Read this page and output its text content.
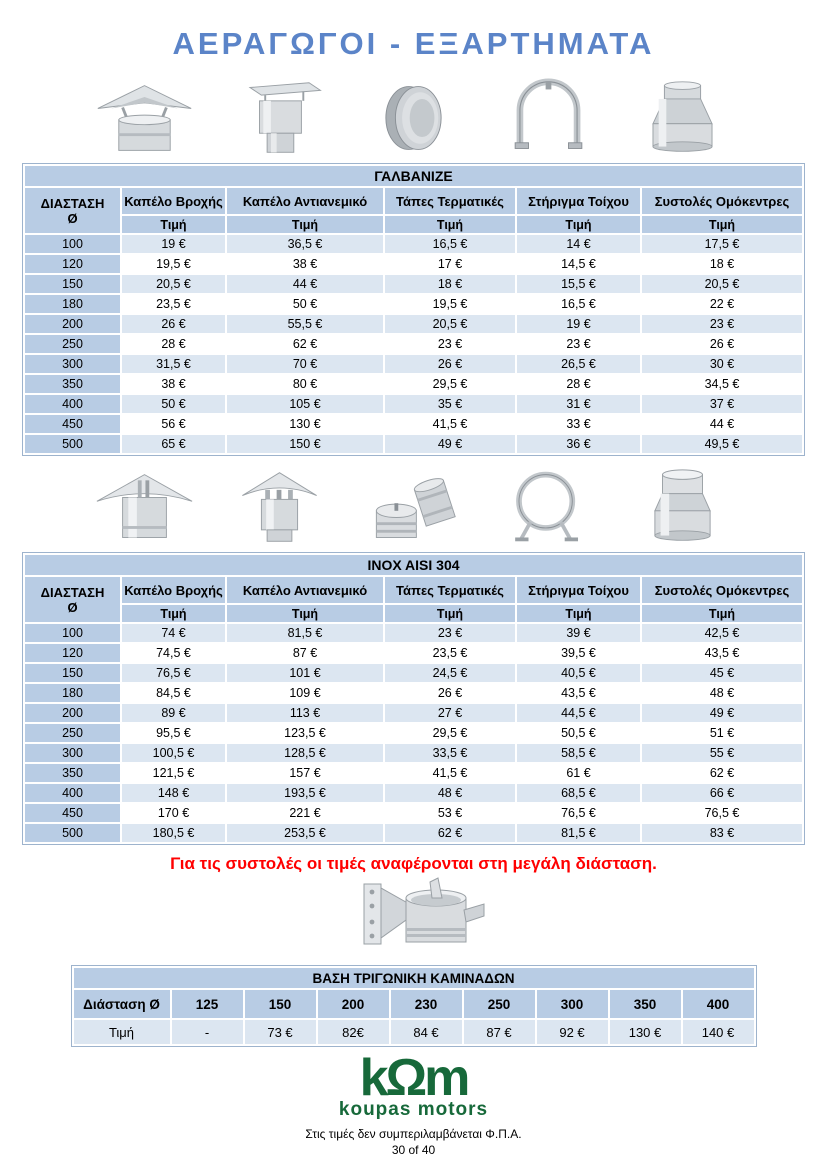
ΑΕΡΑΓΩΓΟΙ - ΕΞΑΡΤΗΜΑΤΑ
ΓΑΛΒΑΝΙΖΕ					

ΔΙΑΣΤΑΣΗ
Ø	Καπέλο Βροχής	Καπέλο Αντιανεμικό	Τάπες Τερματικές	Στήριγμα Τοίχου	Συστολές Ομόκεντρες
	Τιμή	Τιμή	Τιμή	Τιμή	Τιμή
100	19 €	36,5 €	16,5 €	14 €	17,5 €
120	19,5 €	38 €	17 €	14,5 €	18 €
150	20,5 €	44 €	18 €	15,5 €	20,5 €
180	23,5 €	50 €	19,5 €	16,5 €	22 €
200	26 €	55,5 €	20,5 €	19 €	23 €
250	28 €	62 €	23 €	23 €	26 €
300	31,5 €	70 €	26 €	26,5 €	30 €
350	38 €	80 €	29,5 €	28 €	34,5 €
400	50 €	105 €	35 €	31 €	37 €
450	56 €	130 €	41,5 €	33 €	44 €
500	65 €	150 €	49 €	36 €	49,5 €
INOX AISI 304					

ΔΙΑΣΤΑΣΗ
Ø	Καπέλο Βροχής	Καπέλο Αντιανεμικό	Τάπες Τερματικές	Στήριγμα Τοίχου	Συστολές Ομόκεντρες
	Τιμή	Τιμή	Τιμή	Τιμή	Τιμή
100	74 €	81,5 €	23 €	39 €	42,5 €
120	74,5 €	87 €	23,5 €	39,5 €	43,5 €
150	76,5 €	101 €	24,5 €	40,5 €	45 €
180	84,5 €	109 €	26 €	43,5 €	48 €
200	89 €	113 €	27 €	44,5 €	49 €
250	95,5 €	123,5 €	29,5 €	50,5 €	51 €
300	100,5 €	128,5 €	33,5 €	58,5 €	55 €
350	121,5 €	157 €	41,5 €	61 €	62 €
400	148 €	193,5 €	48 €	68,5 €	66 €
450	170 €	221 €	53 €	76,5 €	76,5 €
500	180,5 €	253,5 €	62 €	81,5 €	83 €
Για τις συστολές οι τιμές αναφέρονται στη μεγάλη διάσταση.
ΒΑΣΗ ΤΡΙΓΩΝΙΚΗ ΚΑΜΙΝΑΔΩΝ								
Διάσταση Ø	125	150	200	230	250	300	350	400
Τιμή	-	73 €	82€	84 €	87 €	92 €	130 €	140 €
kΩm
koupas motors
Στις τιμές δεν συμπεριλαμβάνεται Φ.Π.Α.
30 of 40
